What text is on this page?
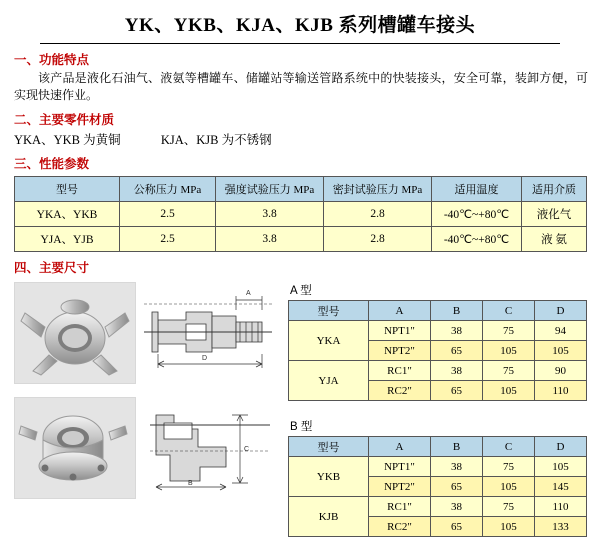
YK、YKB、KJA、KJB 系列槽罐车接头
一、功能特点
该产品是液化石油气、液氨等槽罐车、储罐站等输送管路系统中的快装接头，安全可靠，装卸方便，可实现快速作业。
二、主要零件材质
YKA、YKB 为黄铜	KJA、KJB 为不锈钢
三、性能参数
型号	公称压力 MPa	强度试验压力 MPa	密封试验压力 MPa	适用温度	适用介质
YKA、YKB	2.5	3.8	2.8	-40℃~+80℃	液化气
YJA、YJB	2.5	3.8	2.8	-40℃~+80℃	液 氨
四、主要尺寸
D
A
C
B
A 型
型号	A	B	C	D
YKA	NPT1"	38	75	94
	NPT2"	65	105	105
YJA	RC1"	38	75	90
	RC2"	65	105	110
B 型
型号	A	B	C	D
YKB	NPT1"	38	75	105
	NPT2"	65	105	145
KJB	RC1"	38	75	110
	RC2"	65	105	133
